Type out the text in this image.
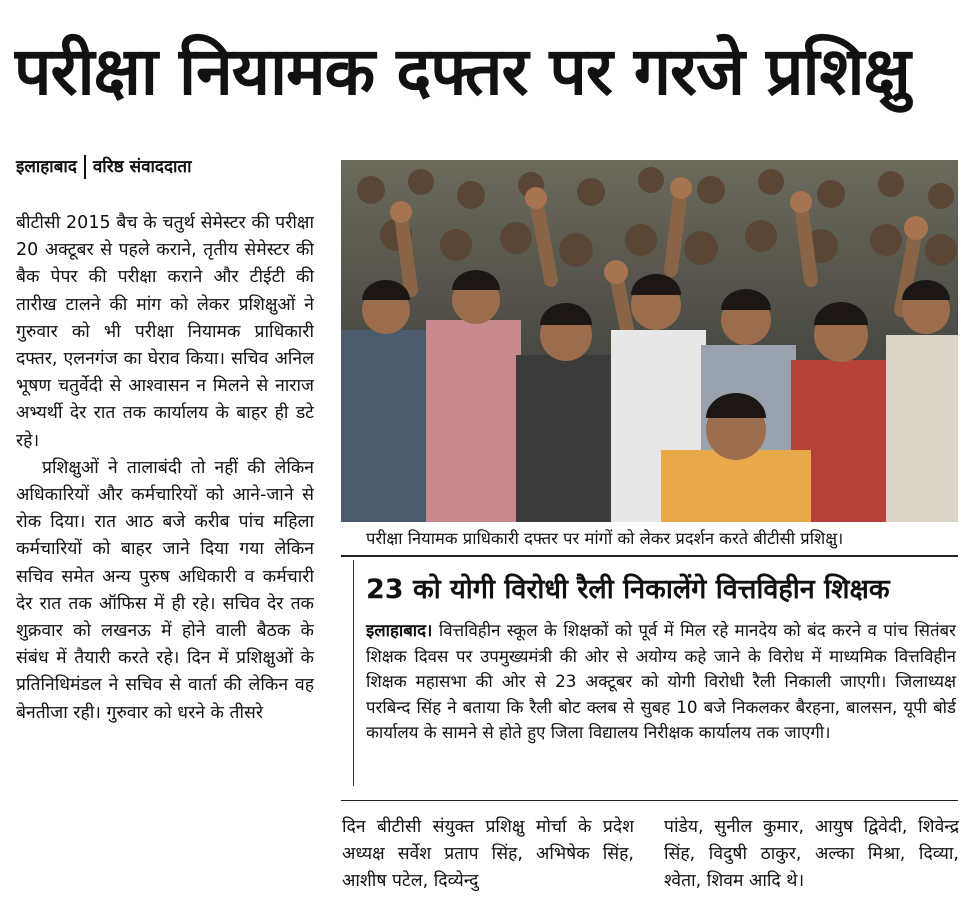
परीक्षा नियामक दफ्तर पर गरजे प्रशिक्षु
इलाहाबाद वरिष्ठ संवाददाता

बीटीसी 2015 बैच के चतुर्थ सेमेस्टर की परीक्षा 20 अक्टूबर से पहले कराने, तृतीय सेमेस्टर की बैक पेपर की परीक्षा कराने और टीईटी की तारीख टालने की मांग को लेकर प्रशिक्षुओं ने गुरुवार को भी परीक्षा नियामक प्राधिकारी दफ्तर, एलनगंज का घेराव किया। सचिव अनिल भूषण चतुर्वेदी से आश्वासन न मिलने से नाराज अभ्यर्थी देर रात तक कार्यालय के बाहर ही डटे रहे।

प्रशिक्षुओं ने तालाबंदी तो नहीं की लेकिन अधिकारियों और कर्मचारियों को आने-जाने से रोक दिया। रात आठ बजे करीब पांच महिला कर्मचारियों को बाहर जाने दिया गया लेकिन सचिव समेत अन्य पुरुष अधिकारी व कर्मचारी देर रात तक ऑफिस में ही रहे। सचिव देर तक शुक्रवार को लखनऊ में होने वाली बैठक के संबंध में तैयारी करते रहे। दिन में प्रशिक्षुओं के प्रतिनिधिमंडल ने सचिव से वार्ता की लेकिन वह बेनतीजा रही। गुरुवार को धरने के तीसरे

परीक्षा नियामक प्राधिकारी दफ्तर पर मांगों को लेकर प्रदर्शन करते बीटीसी प्रशिक्षु।
23 को योगी विरोधी रैली निकालेंगे वित्तविहीन शिक्षक
इलाहाबाद। वित्तविहीन स्कूल के शिक्षकों को पूर्व में मिल रहे मानदेय को बंद करने व पांच सितंबर शिक्षक दिवस पर उपमुख्यमंत्री की ओर से अयोग्य कहे जाने के विरोध में माध्यमिक वित्तविहीन शिक्षक महासभा की ओर से 23 अक्टूबर को योगी विरोधी रैली निकाली जाएगी। जिलाध्यक्ष परबिन्द सिंह ने बताया कि रैली बोट क्लब से सुबह 10 बजे निकलकर बैरहना, बालसन, यूपी बोर्ड कार्यालय के सामने से होते हुए जिला विद्यालय निरीक्षक कार्यालय तक जाएगी।
दिन बीटीसी संयुक्त प्रशिक्षु मोर्चा के प्रदेश अध्यक्ष सर्वेश प्रताप सिंह, अभिषेक सिंह, आशीष पटेल, दिव्येन्दु
पांडेय, सुनील कुमार, आयुष द्विवेदी, शिवेन्द्र सिंह, विदुषी ठाकुर, अल्का मिश्रा, दिव्या, श्वेता, शिवम आदि थे।
